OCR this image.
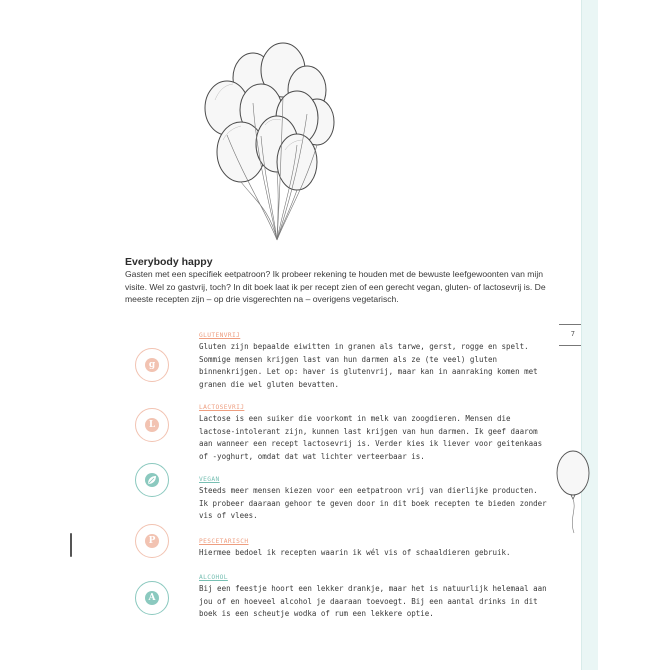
7
Everybody happy
Gasten met een specifiek eetpatroon? Ik probeer rekening te houden met de bewuste leefgewoonten van mijn visite. Wel zo gastvrij, toch? In dit boek laat ik per recept zien of een gerecht vegan, gluten- of lactosevrij is. De meeste recepten zijn – op drie visgerechten na – overigens vegetarisch.
g
GLUTENVRIJ
Gluten zijn bepaalde eiwitten in granen als tarwe, gerst, rogge en spelt. Sommige mensen krijgen last van hun darmen als ze (te veel) gluten binnenkrijgen. Let op: haver is glutenvrij, maar kan in aanraking komen met granen die wel gluten bevatten.
L
LACTOSEVRIJ
Lactose is een suiker die voorkomt in melk van zoogdieren. Mensen die lactose-intolerant zijn, kunnen last krijgen van hun darmen. Ik geef daarom aan wanneer een recept lactosevrij is. Verder kies ik liever voor geitenkaas of -yoghurt, omdat dat wat lichter verteerbaar is.
VEGAN
Steeds meer mensen kiezen voor een eetpatroon vrij van dierlijke producten. Ik probeer daaraan gehoor te geven door in dit boek recepten te bieden zonder vis of vlees.
P	PESCETARISCH
Hiermee bedoel ik recepten waarin ik wél vis of schaaldieren gebruik.
A
ALCOHOL
Bij een feestje hoort een lekker drankje, maar het is natuurlijk helemaal aan jou of en hoeveel alcohol je daaraan toevoegt. Bij een aantal drinks in dit boek is een scheutje wodka of rum een lekkere optie.
